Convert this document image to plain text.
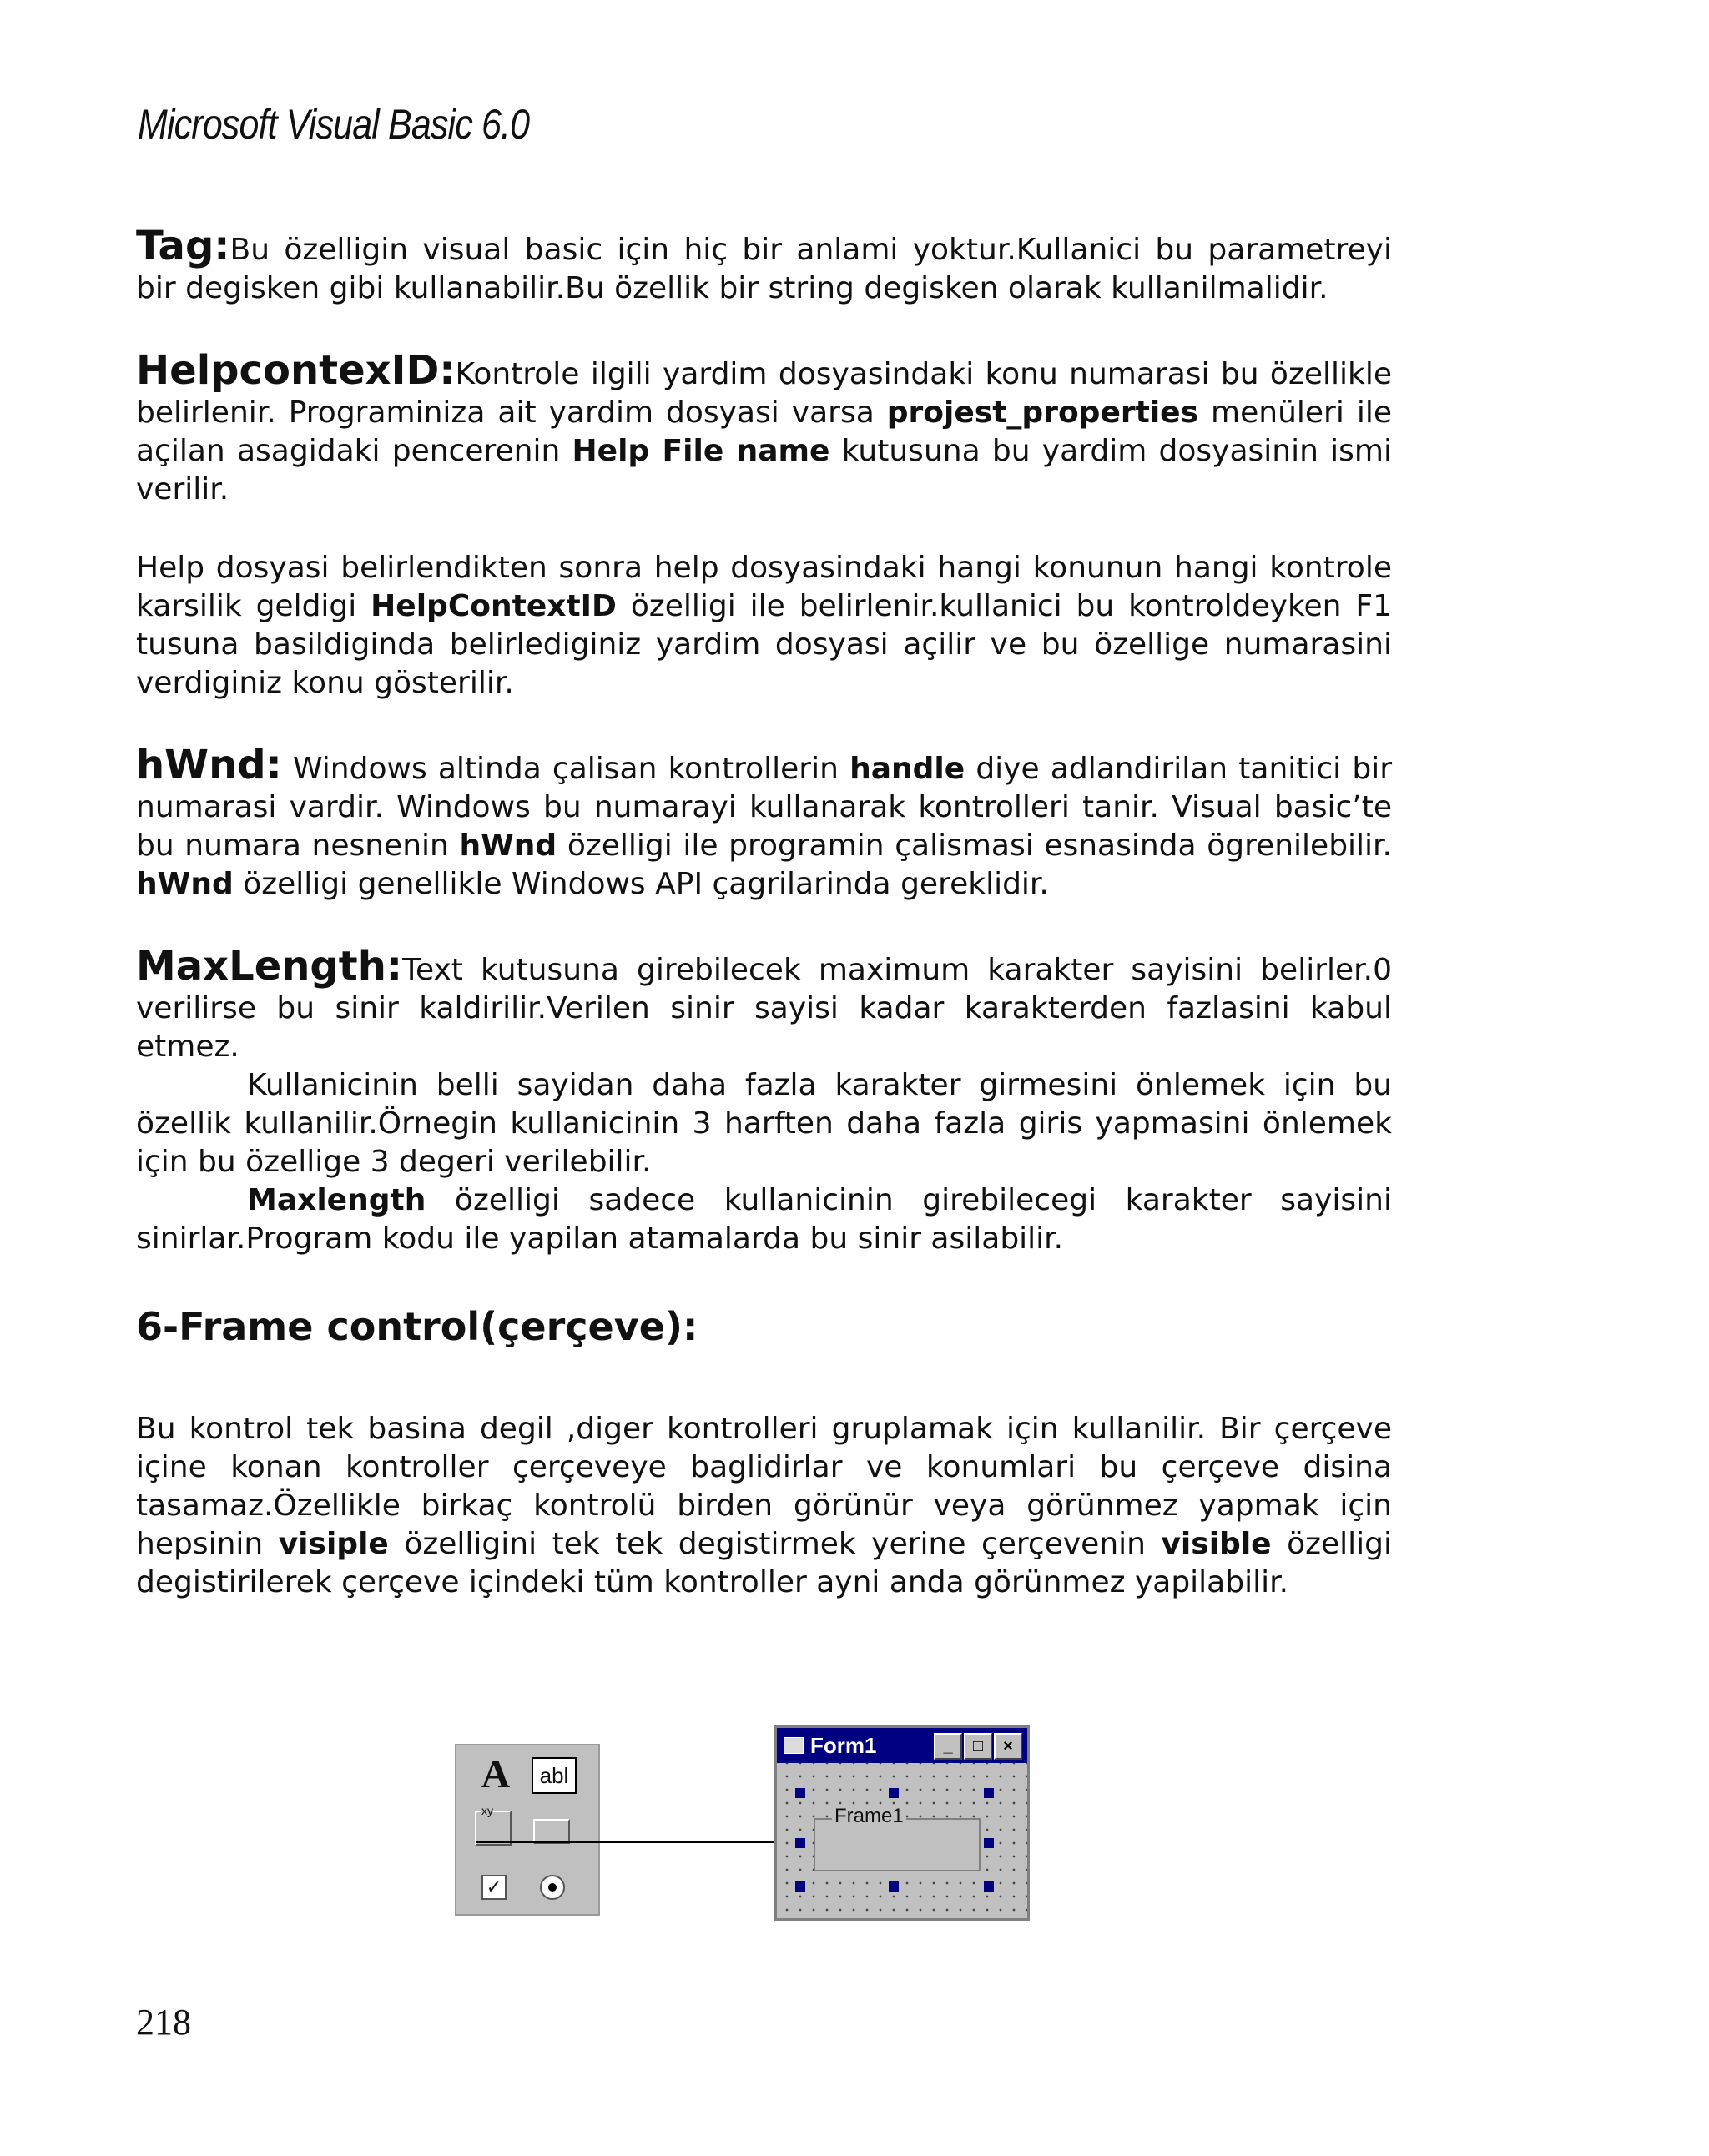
Microsoft Visual Basic 6.0

Tag:Bu özelligin visual basic için hiç bir anlami yoktur.Kullanici bu parametreyi bir degisken gibi kullanabilir.Bu özellik bir string degisken olarak kullanilmalidir.

HelpcontexID:Kontrole ilgili yardim dosyasindaki konu numarasi bu özellikle belirlenir. Programiniza ait yardim dosyasi varsa projest_properties menüleri ile açilan asagidaki pencerenin Help File name kutusuna bu yardim dosyasinin ismi verilir.

Help dosyasi belirlendikten sonra help dosyasindaki hangi konunun hangi kontrole karsilik geldigi HelpContextID özelligi ile belirlenir.kullanici bu kontroldeyken F1 tusuna basildiginda belirlediginiz yardim dosyasi açilir ve bu özellige numarasini verdiginiz konu gösterilir.

hWnd: Windows altinda çalisan kontrollerin handle diye adlandirilan tanitici bir numarasi vardir. Windows bu numarayi kullanarak kontrolleri tanir. Visual basic’te bu numara nesnenin hWnd özelligi ile programin çalismasi esnasinda ögrenilebilir. hWnd özelligi genellikle Windows API çagrilarinda gereklidir.

MaxLength:Text kutusuna girebilecek maximum karakter sayisini belirler.0 verilirse bu sinir kaldirilir.Verilen sinir sayisi kadar karakterden fazlasini kabul etmez.

Kullanicinin belli sayidan daha fazla karakter girmesini önlemek için bu özellik kullanilir.Örnegin kullanicinin 3 harften daha fazla giris yapmasini önlemek için bu özellige 3 degeri verilebilir.

Maxlength özelligi sadece kullanicinin girebilecegi karakter sayisini sinirlar.Program kodu ile yapilan atamalarda bu sinir asilabilir.

6-Frame control(çerçeve):

Bu kontrol tek basina degil ,diger kontrolleri gruplamak için kullanilir. Bir çerçeve içine konan kontroller çerçeveye baglidirlar ve konumlari bu çerçeve disina tasamaz.Özellikle birkaç kontrolü birden görünür veya görünmez yapmak için hepsinin visiple özelligini tek tek degistirmek yerine çerçevenin visible özelligi degistirilerek çerçeve içindeki tüm kontroller ayni anda görünmez yapilabilir.

A	abl
xy
✓
Form1	_	□	×
Frame1
218
